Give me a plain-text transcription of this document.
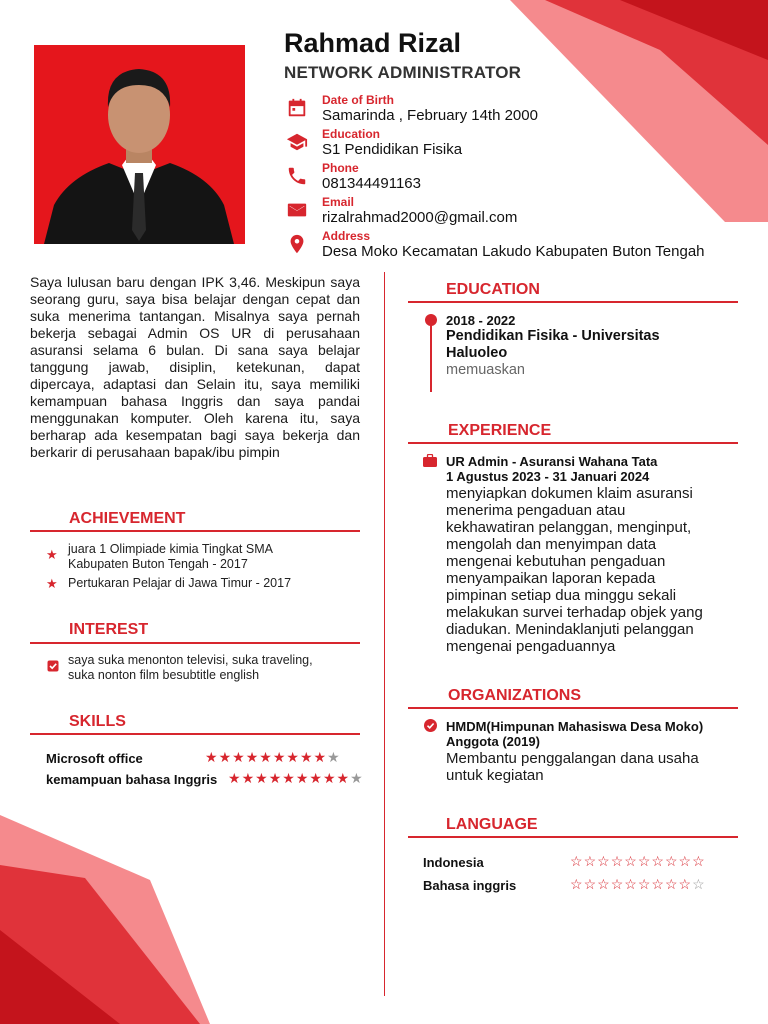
Rahmad Rizal
NETWORK ADMINISTRATOR
Date of Birth
Samarinda , February 14th 2000
Education
S1 Pendidikan Fisika
Phone
081344491163
Email
rizalrahmad2000@gmail.com
Address
Desa Moko Kecamatan Lakudo Kabupaten Buton Tengah
Saya lulusan baru dengan IPK 3,46. Meskipun saya seorang guru, saya bisa belajar dengan cepat dan suka menerima tantangan. Misalnya saya pernah bekerja sebagai Admin OS UR di perusahaan asuransi selama 6 bulan. Di sana saya belajar tanggung jawab, disiplin, ketekunan, dapat dipercaya, adaptasi dan Selain itu, saya memiliki kemampuan bahasa Inggris dan saya pandai menggunakan komputer. Oleh karena itu, saya berharap ada kesempatan bagi saya bekerja dan berkarir di perusahaan bapak/ibu pimpin
ACHIEVEMENT
★ juara 1 Olimpiade kimia Tingkat SMA
Kabupaten Buton Tengah - 2017
★ Pertukaran Pelajar di Jawa Timur - 2017
INTEREST
saya suka menonton televisi, suka traveling,
suka nonton film besubtitle english
SKILLS
Microsoft office	★★★★★★★★★★
kemampuan bahasa Inggris ★★★★★★★★★★
EDUCATION
2018 - 2022
Pendidikan Fisika - Universitas
Haluoleo
memuaskan
EXPERIENCE
UR Admin - Asuransi Wahana Tata
1 Agustus 2023 - 31 Januari 2024
menyiapkan dokumen klaim asuransi
menerima pengaduan atau
kekhawatiran pelanggan, menginput,
mengolah dan menyimpan data
mengenai kebutuhan pengaduan
menyampaikan laporan kepada
pimpinan setiap dua minggu sekali
melakukan survei terhadap objek yang
diadukan. Menindaklanjuti pelanggan
mengenai pengaduannya
ORGANIZATIONS
HMDM(Himpunan Mahasiswa Desa Moko)
Anggota (2019)
Membantu penggalangan dana usaha
untuk kegiatan
LANGUAGE
Indonesia	☆☆☆☆☆☆☆☆☆☆
Bahasa inggris	☆☆☆☆☆☆☆☆☆☆
